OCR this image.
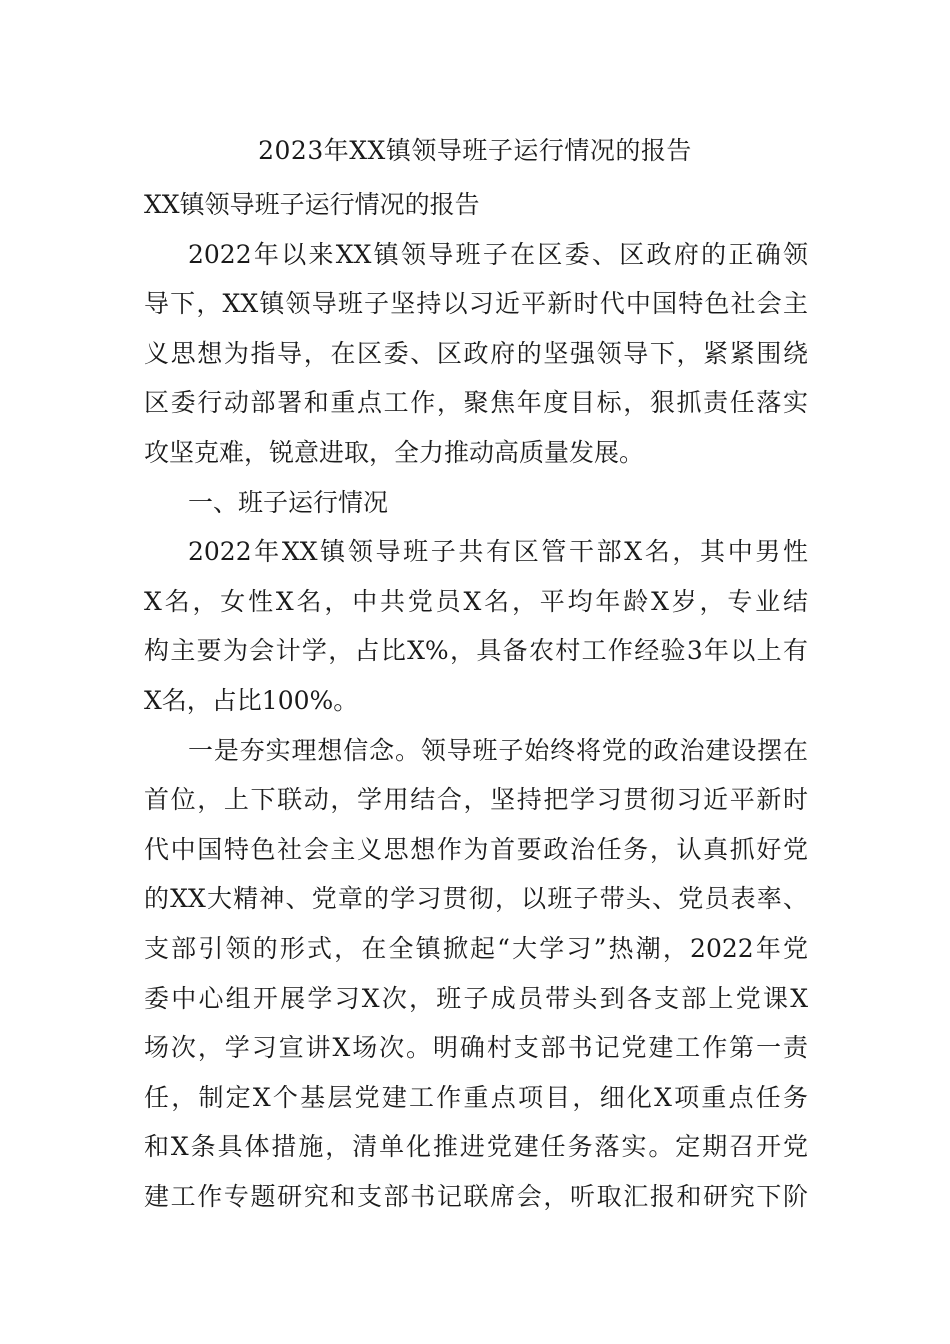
2023年XX镇领导班子运行情况的报告
XX镇领导班子运行情况的报告
2022年以来XX镇领导班子在区委、区政府的正确领
导下，XX镇领导班子坚持以习近平新时代中国特色社会主
义思想为指导，在区委、区政府的坚强领导下，紧紧围绕
区委行动部署和重点工作，聚焦年度目标，狠抓责任落实
攻坚克难，锐意进取，全力推动高质量发展。
一、班子运行情况
2022年XX镇领导班子共有区管干部X名，其中男性
X名，女性X名，中共党员X名，平均年龄X岁，专业结
构主要为会计学，占比X%，具备农村工作经验3年以上有
X名，占比100%。
一是夯实理想信念。领导班子始终将党的政治建设摆在
首位，上下联动，学用结合，坚持把学习贯彻习近平新时
代中国特色社会主义思想作为首要政治任务，认真抓好党
的XX大精神、党章的学习贯彻，以班子带头、党员表率、
支部引领的形式，在全镇掀起“大学习”热潮，2022年党
委中心组开展学习X次，班子成员带头到各支部上党课X
场次，学习宣讲X场次。明确村支部书记党建工作第一责
任，制定X个基层党建工作重点项目，细化X项重点任务
和X条具体措施，清单化推进党建任务落实。定期召开党
建工作专题研究和支部书记联席会，听取汇报和研究下阶
